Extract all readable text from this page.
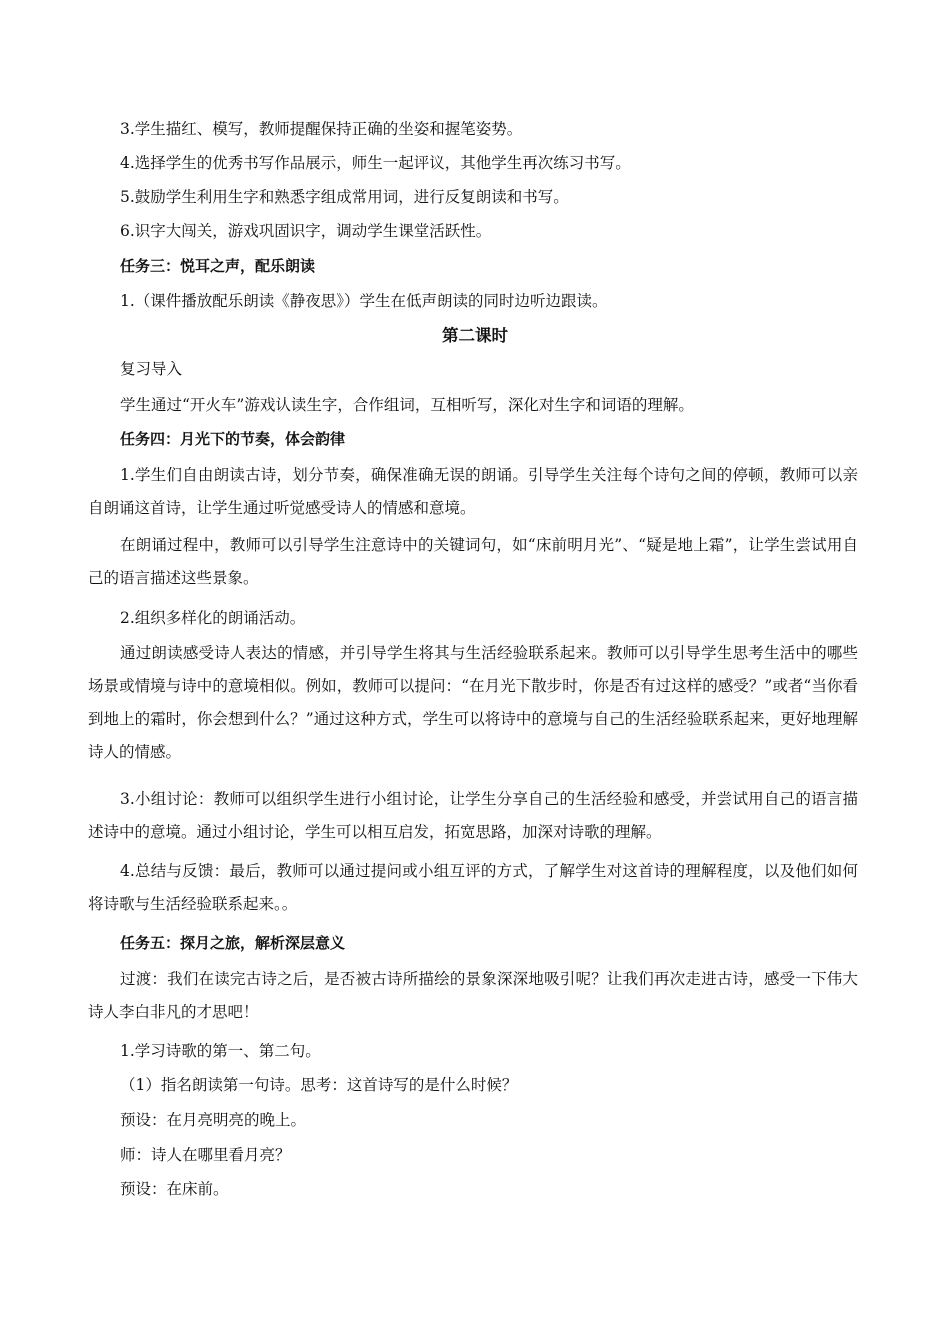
3.学生描红、模写，教师提醒保持正确的坐姿和握笔姿势。

4.选择学生的优秀书写作品展示，师生一起评议，其他学生再次练习书写。

5.鼓励学生利用生字和熟悉字组成常用词，进行反复朗读和书写。

6.识字大闯关，游戏巩固识字，调动学生课堂活跃性。

任务三：悦耳之声，配乐朗读

1.（课件播放配乐朗读《静夜思》）学生在低声朗读的同时边听边跟读。

第二课时

复习导入

学生通过“开火车”游戏认读生字，合作组词，互相听写，深化对生字和词语的理解。

任务四：月光下的节奏，体会韵律

1.学生们自由朗读古诗，划分节奏，确保准确无误的朗诵。引导学生关注每个诗句之间的停顿，教师可以亲自朗诵这首诗，让学生通过听觉感受诗人的情感和意境。

在朗诵过程中，教师可以引导学生注意诗中的关键词句，如“床前明月光”、“疑是地上霜”，让学生尝试用自己的语言描述这些景象。

2.组织多样化的朗诵活动。

通过朗读感受诗人表达的情感，并引导学生将其与生活经验联系起来。教师可以引导学生思考生活中的哪些场景或情境与诗中的意境相似。例如，教师可以提问：“在月光下散步时，你是否有过这样的感受？”或者“当你看到地上的霜时，你会想到什么？”通过这种方式，学生可以将诗中的意境与自己的生活经验联系起来，更好地理解诗人的情感。

3.小组讨论：教师可以组织学生进行小组讨论，让学生分享自己的生活经验和感受，并尝试用自己的语言描述诗中的意境。通过小组讨论，学生可以相互启发，拓宽思路，加深对诗歌的理解。

4.总结与反馈：最后，教师可以通过提问或小组互评的方式，了解学生对这首诗的理解程度，以及他们如何将诗歌与生活经验联系起来。。

任务五：探月之旅，解析深层意义

过渡：我们在读完古诗之后，是否被古诗所描绘的景象深深地吸引呢？让我们再次走进古诗，感受一下伟大诗人李白非凡的才思吧！

1.学习诗歌的第一、第二句。

（1）指名朗读第一句诗。思考：这首诗写的是什么时候？

预设：在月亮明亮的晚上。

师：诗人在哪里看月亮？

预设：在床前。
